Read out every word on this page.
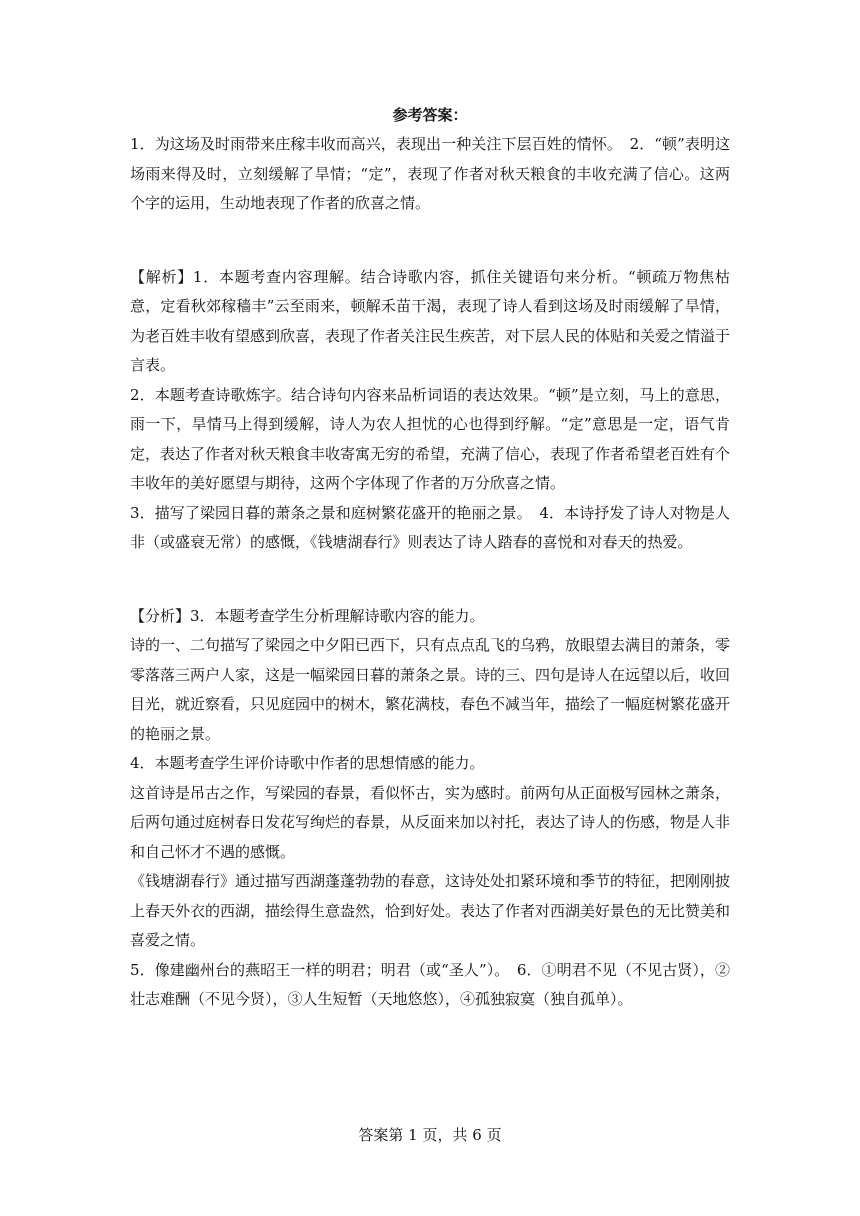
参考答案：

1．为这场及时雨带来庄稼丰收而高兴，表现出一种关注下层百姓的情怀。　2．“顿”表明这场雨来得及时，立刻缓解了旱情；“定”，表现了作者对秋天粮食的丰收充满了信心。这两个字的运用，生动地表现了作者的欣喜之情。

【解析】1．本题考查内容理解。结合诗歌内容，抓住关键语句来分析。“顿疏万物焦枯意，定看秋郊稼穑丰”云至雨来，顿解禾苗干渴，表现了诗人看到这场及时雨缓解了旱情，为老百姓丰收有望感到欣喜，表现了作者关注民生疾苦，对下层人民的体贴和关爱之情溢于言表。

2．本题考查诗歌炼字。结合诗句内容来品析词语的表达效果。“顿”是立刻，马上的意思，雨一下，旱情马上得到缓解，诗人为农人担忧的心也得到纾解。“定”意思是一定，语气肯定，表达了作者对秋天粮食丰收寄寓无穷的希望，充满了信心，表现了作者希望老百姓有个丰收年的美好愿望与期待，这两个字体现了作者的万分欣喜之情。

3．描写了梁园日暮的萧条之景和庭树繁花盛开的艳丽之景。　4．本诗抒发了诗人对物是人非（或盛衰无常）的感慨，《钱塘湖春行》则表达了诗人踏春的喜悦和对春天的热爱。

【分析】3．本题考查学生分析理解诗歌内容的能力。

诗的一、二句描写了梁园之中夕阳已西下，只有点点乱飞的乌鸦，放眼望去满目的萧条，零零落落三两户人家，这是一幅梁园日暮的萧条之景。诗的三、四句是诗人在远望以后，收回目光，就近察看，只见庭园中的树木，繁花满枝，春色不减当年，描绘了一幅庭树繁花盛开的艳丽之景。

4．本题考查学生评价诗歌中作者的思想情感的能力。

这首诗是吊古之作，写梁园的春景，看似怀古，实为感时。前两句从正面极写园林之萧条，后两句通过庭树春日发花写绚烂的春景，从反面来加以衬托，表达了诗人的伤感，物是人非和自己怀才不遇的感慨。

《钱塘湖春行》通过描写西湖蓬蓬勃勃的春意，这诗处处扣紧环境和季节的特征，把刚刚披上春天外衣的西湖，描绘得生意盎然，恰到好处。表达了作者对西湖美好景色的无比赞美和喜爱之情。

5．像建幽州台的燕昭王一样的明君；明君（或“圣人”）。　6．①明君不见（不见古贤），②壮志难酬（不见今贤），③人生短暂（天地悠悠），④孤独寂寞（独自孤单）。

答案第 1 页，共 6 页
